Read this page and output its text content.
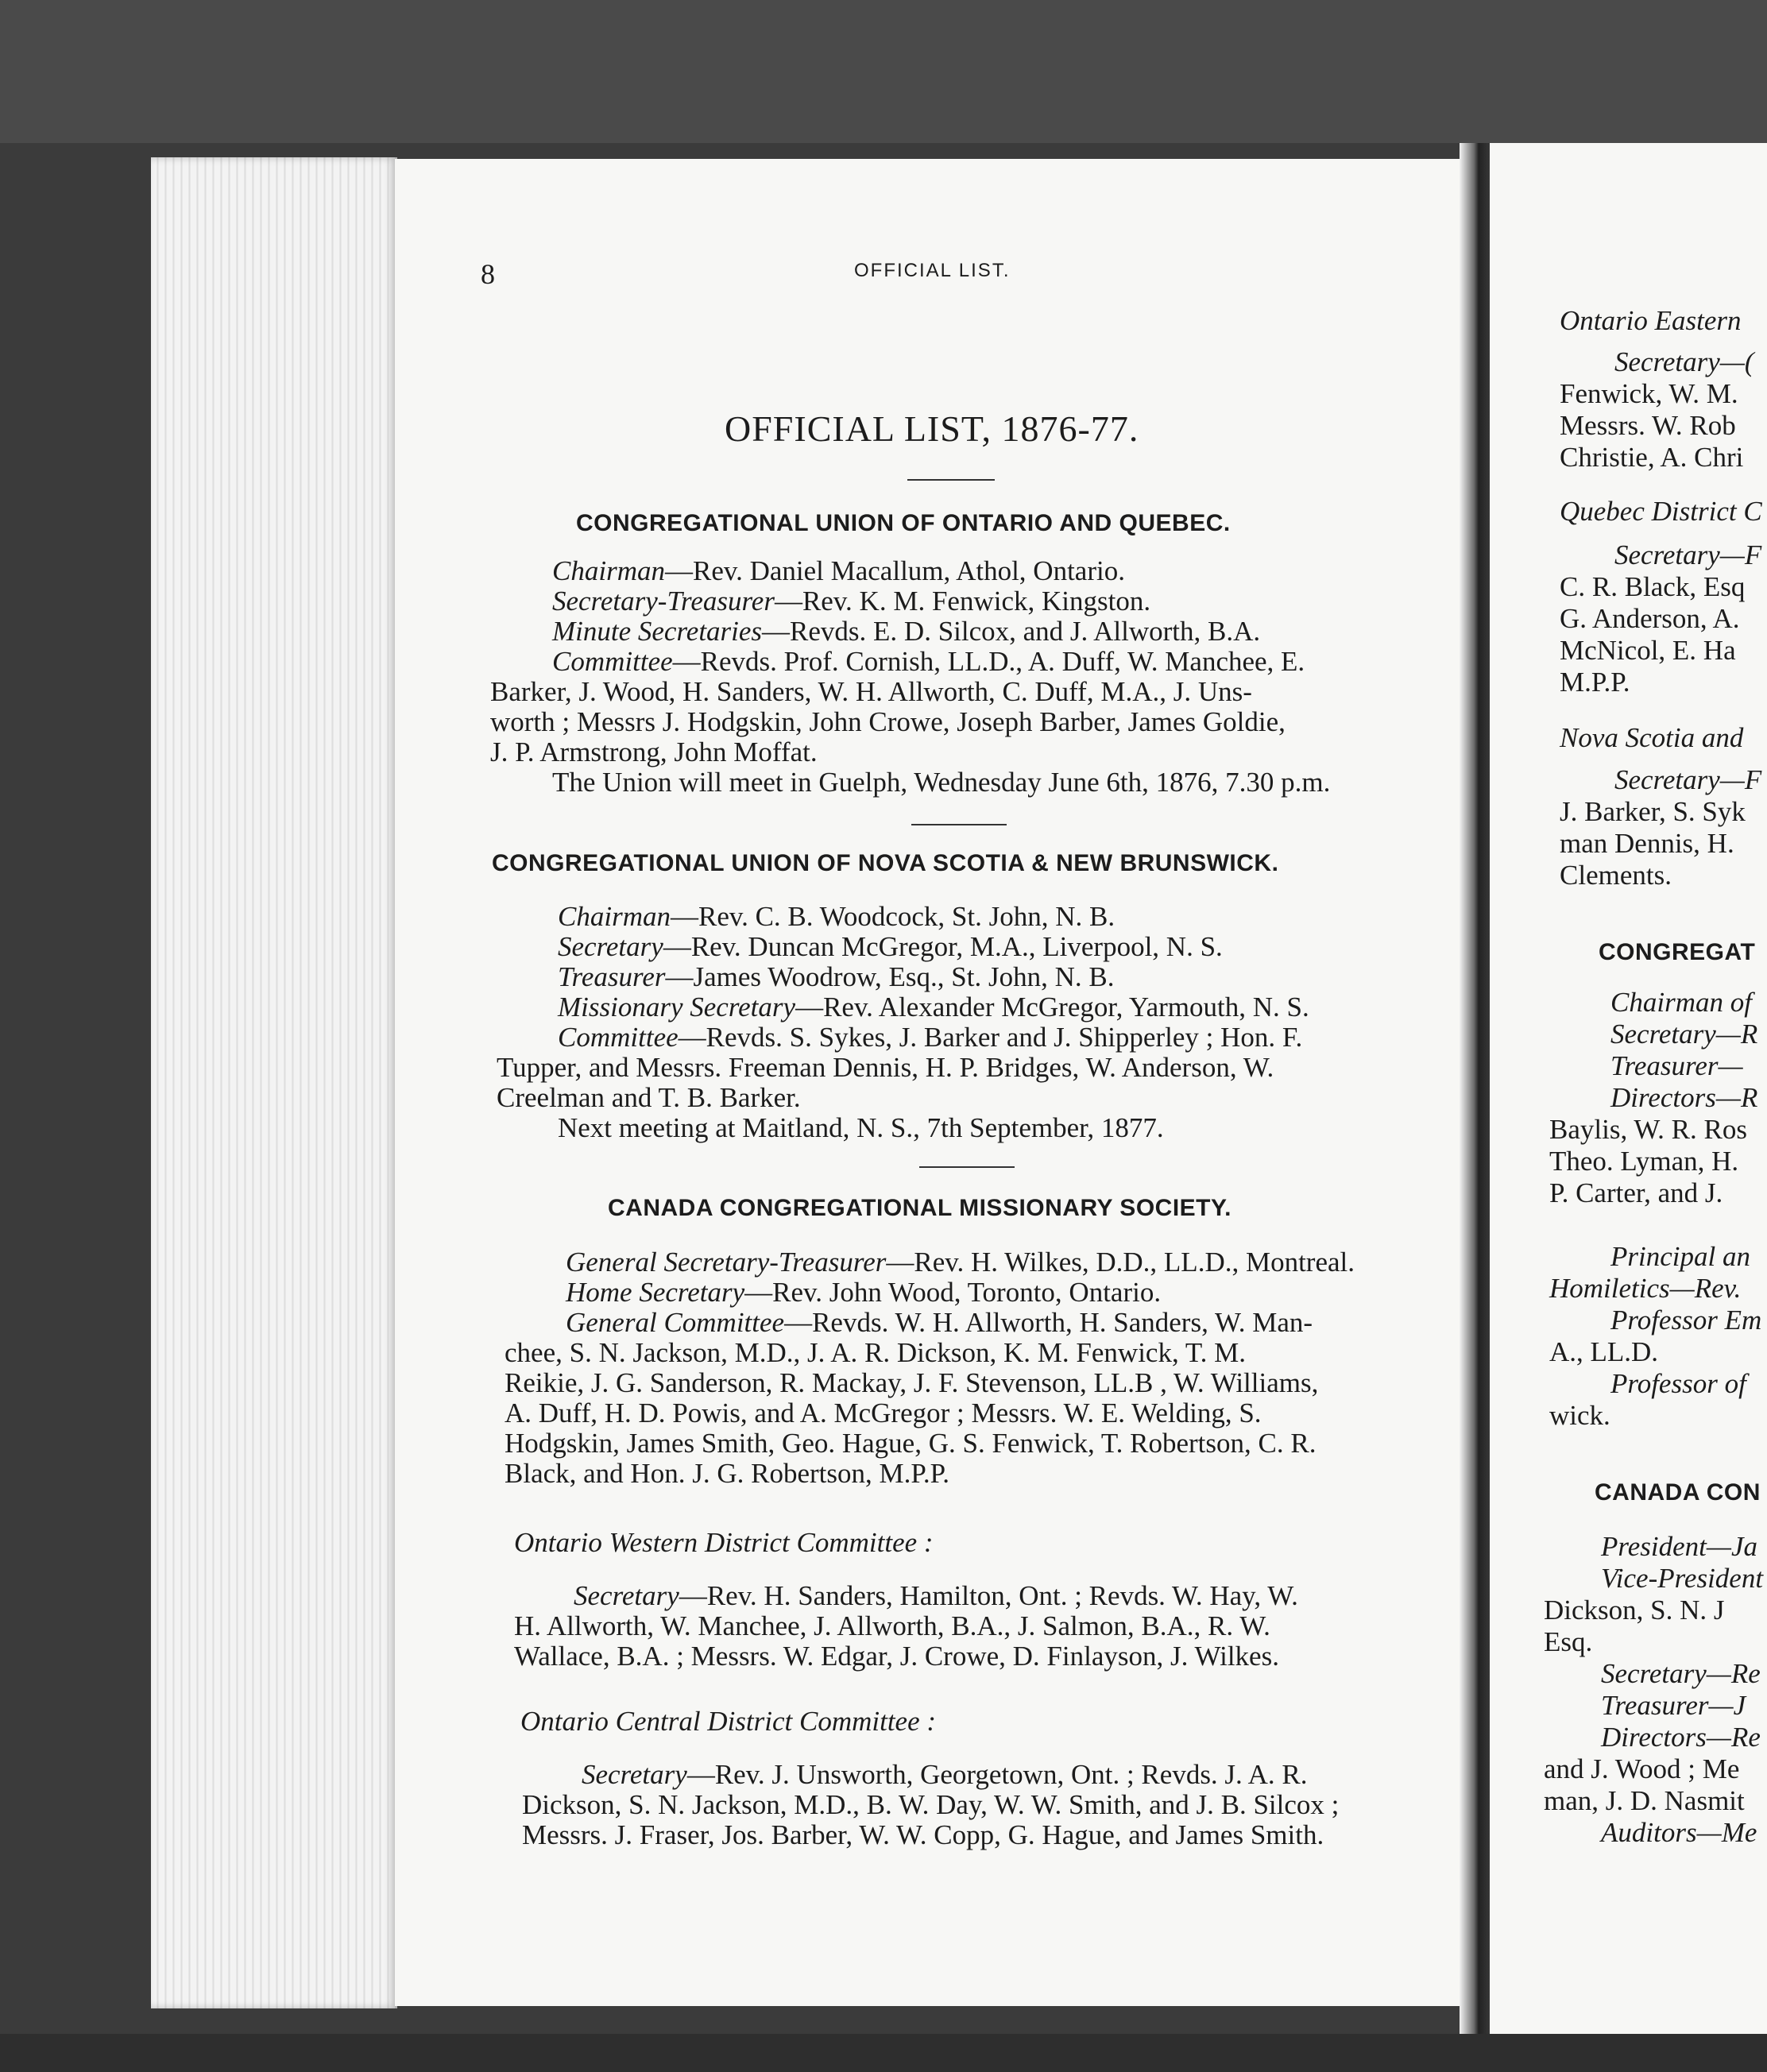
8	OFFICIAL LIST.
OFFICIAL LIST, 1876-77.
CONGREGATIONAL UNION OF ONTARIO AND QUEBEC.
Chairman—Rev. Daniel Macallum, Athol, Ontario.
Secretary-Treasurer—Rev. K. M. Fenwick, Kingston.
Minute Secretaries—Revds. E. D. Silcox, and J. Allworth, B.A.
Committee—Revds. Prof. Cornish, LL.D., A. Duff, W. Manchee, E.
Barker, J. Wood, H. Sanders, W. H. Allworth, C. Duff, M.A., J. Uns-
worth ; Messrs J. Hodgskin, John Crowe, Joseph Barber, James Goldie,
J. P. Armstrong, John Moffat.
The Union will meet in Guelph, Wednesday June 6th, 1876, 7.30 p.m.
CONGREGATIONAL UNION OF NOVA SCOTIA & NEW BRUNSWICK.
Chairman—Rev. C. B. Woodcock, St. John, N. B.
Secretary—Rev. Duncan McGregor, M.A., Liverpool, N. S.
Treasurer—James Woodrow, Esq., St. John, N. B.
Missionary Secretary—Rev. Alexander McGregor, Yarmouth, N. S.
Committee—Revds. S. Sykes, J. Barker and J. Shipperley ; Hon. F.
Tupper, and Messrs. Freeman Dennis, H. P. Bridges, W. Anderson, W.
Creelman and T. B. Barker.
Next meeting at Maitland, N. S., 7th September, 1877.
CANADA CONGREGATIONAL MISSIONARY SOCIETY.
General Secretary-Treasurer—Rev. H. Wilkes, D.D., LL.D., Montreal.
Home Secretary—Rev. John Wood, Toronto, Ontario.
General Committee—Revds. W. H. Allworth, H. Sanders, W. Man-
chee, S. N. Jackson, M.D., J. A. R. Dickson, K. M. Fenwick, T. M.
Reikie, J. G. Sanderson, R. Mackay, J. F. Stevenson, LL.B , W. Williams,
A. Duff, H. D. Powis, and A. McGregor ; Messrs. W. E. Welding, S.
Hodgskin, James Smith, Geo. Hague, G. S. Fenwick, T. Robertson, C. R.
Black, and Hon. J. G. Robertson, M.P.P.
Ontario Western District Committee :
Secretary—Rev. H. Sanders, Hamilton, Ont. ; Revds. W. Hay, W.
H. Allworth, W. Manchee, J. Allworth, B.A., J. Salmon, B.A., R. W.
Wallace, B.A. ; Messrs. W. Edgar, J. Crowe, D. Finlayson, J. Wilkes.
Ontario Central District Committee :
Secretary—Rev. J. Unsworth, Georgetown, Ont. ; Revds. J. A. R.
Dickson, S. N. Jackson, M.D., B. W. Day, W. W. Smith, and J. B. Silcox ;
Messrs. J. Fraser, Jos. Barber, W. W. Copp, G. Hague, and James Smith.
Ontario Eastern
Secretary—(
Fenwick, W. M.
Messrs. W. Rob
Christie, A. Chri
Quebec District C
Secretary—F
C. R. Black, Esq
G. Anderson, A.
McNicol, E. Ha
M.P.P.
Nova Scotia and
Secretary—F
J. Barker, S. Syk
man Dennis, H.
Clements.
CONGREGAT
Chairman of
Secretary—R
Treasurer—
Directors—R
Baylis, W. R. Ros
Theo. Lyman, H.
P. Carter, and J.
Principal an
Homiletics—Rev.
Professor Em
A., LL.D.
Professor of
wick.
CANADA CON
President—Ja
Vice-President
Dickson, S. N. J
Esq.
Secretary—Re
Treasurer—J
Directors—Re
and J. Wood ; Me
man, J. D. Nasmit
Auditors—Me
